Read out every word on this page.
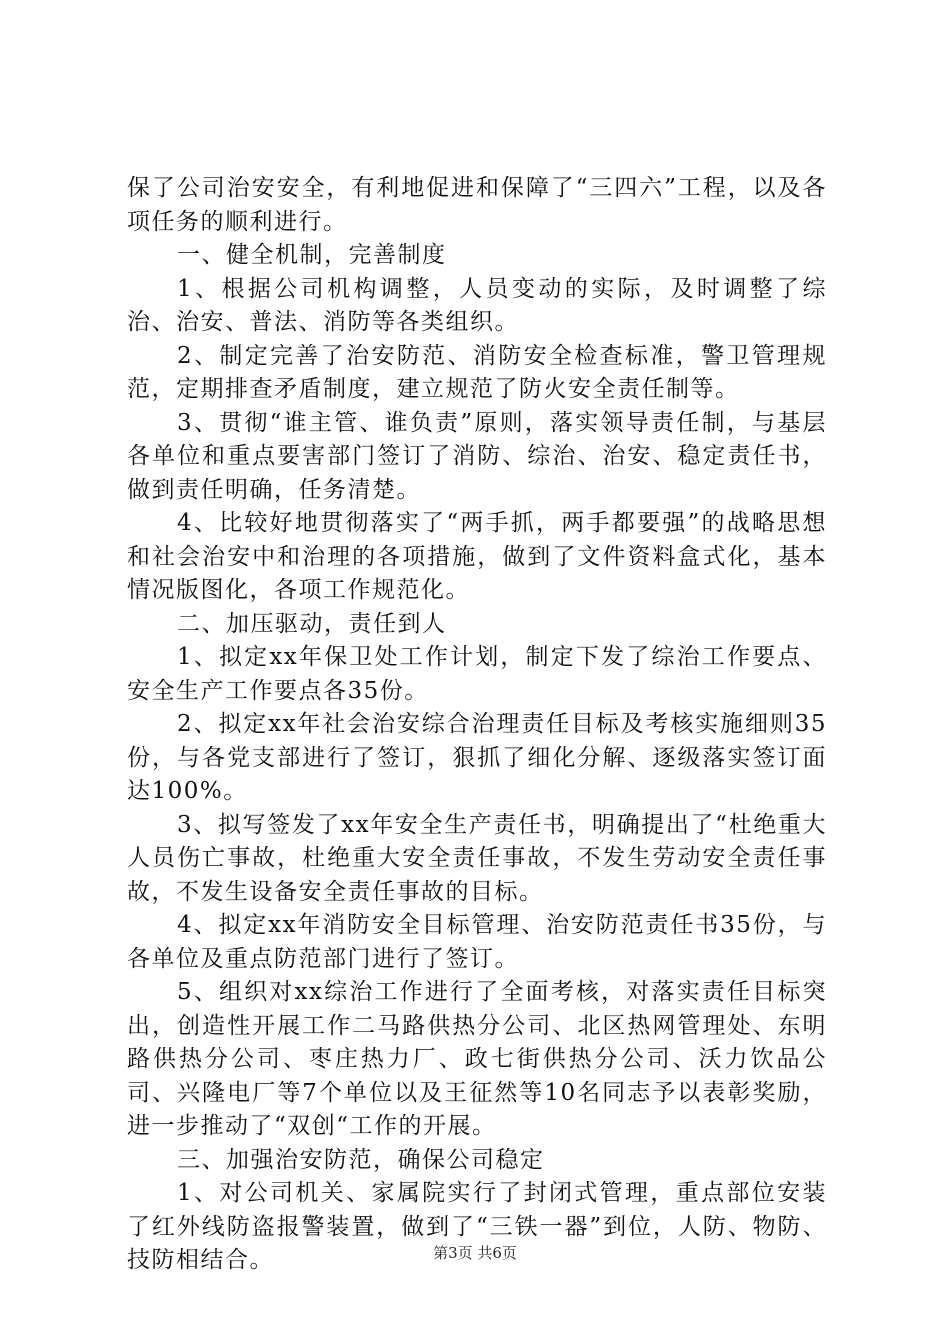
保了公司治安安全，有利地促进和保障了“三四六”工程，以及各项任务的顺利进行。

一、健全机制，完善制度

1、根据公司机构调整，人员变动的实际，及时调整了综治、治安、普法、消防等各类组织。

2、制定完善了治安防范、消防安全检查标准，警卫管理规范，定期排查矛盾制度，建立规范了防火安全责任制等。

3、贯彻“谁主管、谁负责”原则，落实领导责任制，与基层各单位和重点要害部门签订了消防、综治、治安、稳定责任书，做到责任明确，任务清楚。

4、比较好地贯彻落实了“两手抓，两手都要强”的战略思想和社会治安中和治理的各项措施，做到了文件资料盒式化，基本情况版图化，各项工作规范化。

二、加压驱动，责任到人

1、拟定xx年保卫处工作计划，制定下发了综治工作要点、安全生产工作要点各35份。

2、拟定xx年社会治安综合治理责任目标及考核实施细则35份，与各党支部进行了签订，狠抓了细化分解、逐级落实签订面达100%。

3、拟写签发了xx年安全生产责任书，明确提出了“杜绝重大人员伤亡事故，杜绝重大安全责任事故，不发生劳动安全责任事故，不发生设备安全责任事故的目标。

4、拟定xx年消防安全目标管理、治安防范责任书35份，与各单位及重点防范部门进行了签订。

5、组织对xx综治工作进行了全面考核，对落实责任目标突出，创造性开展工作二马路供热分公司、北区热网管理处、东明路供热分公司、枣庄热力厂、政七街供热分公司、沃力饮品公司、兴隆电厂等7个单位以及王征然等10名同志予以表彰奖励，进一步推动了“双创“工作的开展。

三、加强治安防范，确保公司稳定

1、对公司机关、家属院实行了封闭式管理，重点部位安装了红外线防盗报警装置，做到了“三铁一器”到位，人防、物防、技防相结合。	第3页 共6页
